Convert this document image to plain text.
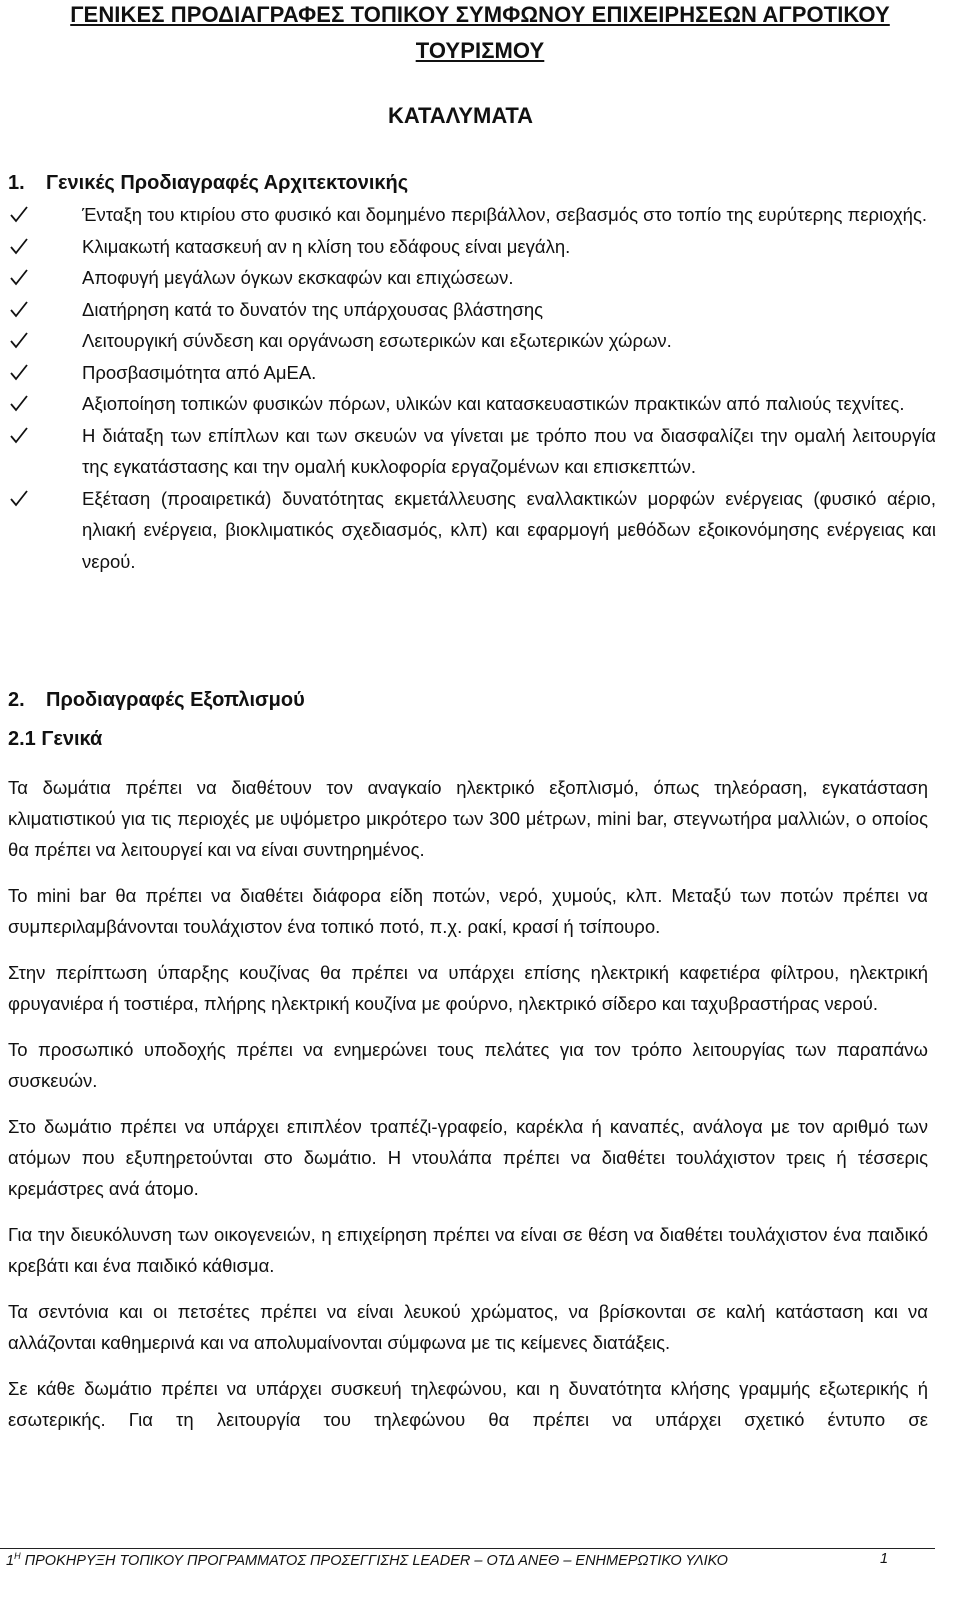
ΓΕΝΙΚΕΣ ΠΡΟΔΙΑΓΡΑΦΕΣ ΤΟΠΙΚΟΥ ΣΥΜΦΩΝΟΥ ΕΠΙΧΕΙΡΗΣΕΩΝ ΑΓΡΟΤΙΚΟΥ
ΤΟΥΡΙΣΜΟΥ
ΚΑΤΑΛΥΜΑΤΑ
1. Γενικές Προδιαγραφές Αρχιτεκτονικής
Ένταξη του κτιρίου στο φυσικό και δομημένο περιβάλλον, σεβασμός στο τοπίο της ευρύτερης περιοχής.
Κλιμακωτή κατασκευή αν η κλίση του εδάφους είναι μεγάλη.
Αποφυγή μεγάλων όγκων εκσκαφών και επιχώσεων.
Διατήρηση κατά το δυνατόν της υπάρχουσας βλάστησης
Λειτουργική σύνδεση και οργάνωση εσωτερικών και εξωτερικών χώρων.
Προσβασιμότητα από ΑμΕΑ.
Αξιοποίηση τοπικών φυσικών πόρων, υλικών και κατασκευαστικών πρακτικών από παλιούς τεχνίτες.
Η διάταξη των επίπλων και των σκευών να γίνεται με τρόπο που να διασφαλίζει την ομαλή λειτουργία της εγκατάστασης και την ομαλή κυκλοφορία εργαζομένων και επισκεπτών.
Εξέταση (προαιρετικά) δυνατότητας εκμετάλλευσης εναλλακτικών μορφών ενέργειας (φυσικό αέριο, ηλιακή ενέργεια, βιοκλιματικός σχεδιασμός, κλπ) και εφαρμογή μεθόδων εξοικονόμησης ενέργειας και νερού.
2. Προδιαγραφές Εξοπλισμού
2.1 Γενικά

Τα δωμάτια πρέπει να διαθέτουν τον αναγκαίο ηλεκτρικό εξοπλισμό, όπως τηλεόραση, εγκατάσταση κλιματιστικού για τις περιοχές με υψόμετρο μικρότερο των 300 μέτρων, mini bar, στεγνωτήρα μαλλιών, ο οποίος θα πρέπει να λειτουργεί και να είναι συντηρημένος.

Το mini bar θα πρέπει να διαθέτει διάφορα είδη ποτών, νερό, χυμούς, κλπ. Μεταξύ των ποτών πρέπει να συμπεριλαμβάνονται τουλάχιστον ένα τοπικό ποτό, π.χ. ρακί, κρασί ή τσίπουρο.

Στην περίπτωση ύπαρξης κουζίνας θα πρέπει να υπάρχει επίσης ηλεκτρική καφετιέρα φίλτρου, ηλεκτρική φρυγανιέρα ή τοστιέρα, πλήρης ηλεκτρική κουζίνα με φούρνο, ηλεκτρικό σίδερο και ταχυβραστήρας νερού.

Το προσωπικό υποδοχής πρέπει να ενημερώνει τους πελάτες για τον τρόπο λειτουργίας των παραπάνω συσκευών.

Στο δωμάτιο πρέπει να υπάρχει επιπλέον τραπέζι-γραφείο, καρέκλα ή καναπές, ανάλογα με τον αριθμό των ατόμων που εξυπηρετούνται στο δωμάτιο. Η ντουλάπα πρέπει να διαθέτει τουλάχιστον τρεις ή τέσσερις κρεμάστρες ανά άτομο.

Για την διευκόλυνση των οικογενειών, η επιχείρηση πρέπει να είναι σε θέση να διαθέτει τουλάχιστον ένα παιδικό κρεβάτι και ένα παιδικό κάθισμα.

Τα σεντόνια και οι πετσέτες πρέπει να είναι λευκού χρώματος, να βρίσκονται σε καλή κατάσταση και να αλλάζονται καθημερινά και να απολυμαίνονται σύμφωνα με τις κείμενες διατάξεις.

Σε κάθε δωμάτιο πρέπει να υπάρχει συσκευή τηλεφώνου, και η δυνατότητα κλήσης γραμμής εξωτερικής ή εσωτερικής. Για τη λειτουργία του τηλεφώνου θα πρέπει να υπάρχει σχετικό έντυπο σε

$1^H$ ΠΡΟΚΗΡΥΞΗ ΤΟΠΙΚΟΥ ΠΡΟΓΡΑΜΜΑΤΟΣ ΠΡΟΣΕΓΓΙΣΗΣ LEADER – ΟΤΔ ΑΝΕΘ – ΕΝΗΜΕΡΩΤΙΚΟ ΥΛΙΚΟ	1
